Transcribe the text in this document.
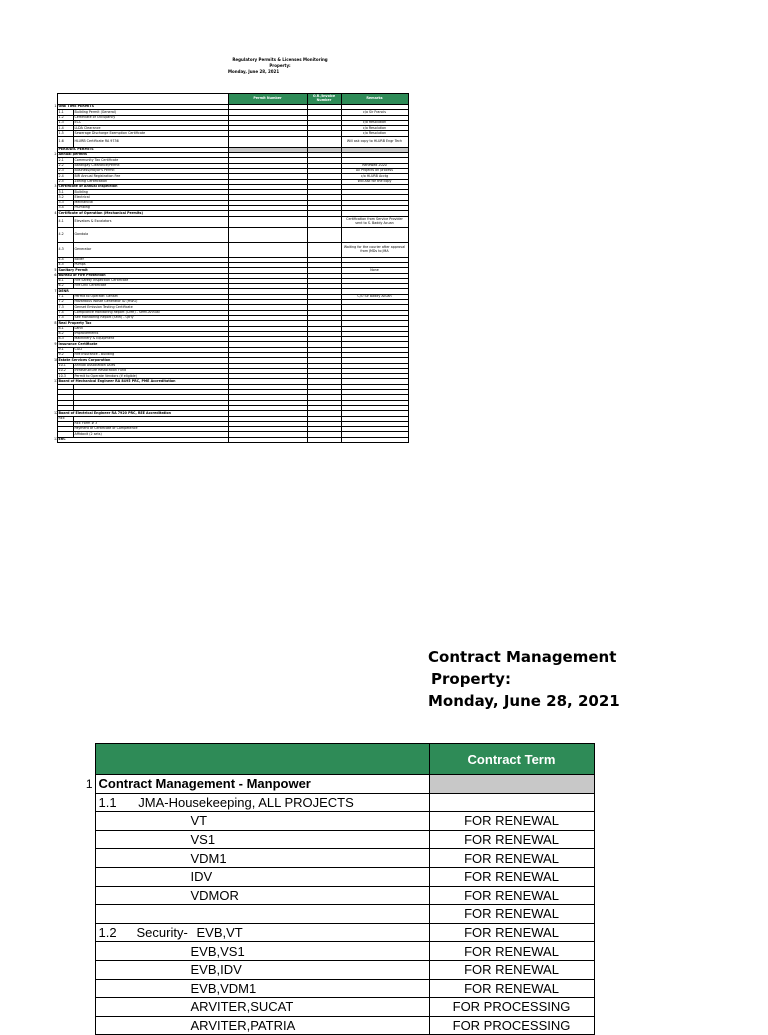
Regulatory Permits & Licenses Monitoring
Property:
Monday, June 28, 2021
			Permit Number	O.R./Invoice Number	Remarks
1	ONE TIME PERMITS				
	1.1	Building Permit (General)			c/o Sir Francis
	1.2	Certificate of Occupancy			
	1.3	ECC			c/o Resolution
	1.4	LLDA Clearance			c/o Resolution
	1.5	Sewerage Discharge Exemption Certificate			c/o Resolution
	1.6	HLURB Certificate RA 9736			Will ask copy to HLURB Engr Tech
	PERIODIC PERMITS				
2	Annual permits				
	2.1	Community Tax Certificate			
	2.2	Barangay Clearance/Permit			Renewed 2020
	2.3	Business/Mayor's Permit			All Projects on process
	2.4	BIR Annual Registration Fee			c/o HLURB Acctg
	2.5	Zoning Certification			Will Ask for the copy
3	Certificate of Annual Inspection				
	3.1	Building			
	3.2	Electrical			
	3.3	Mechanical			
	3.4	Plumbing			
4	Certificate of Operation (Mechanical Permits)				
	4.1	Elevators & Escalators			Certification from Service Provider sent to S. Baddy Acuan
	4.2	Gondola			
	4.3	Generator			Waiting for the courier after approval from JMDs to JMA
	4.4	Boiler			
	4.5	Pumps			
5	Sanitary Permit				None
6	Bureau of Fire Protection				
	6.1	Fire Safety Inspection Certificate			
	6.2	Fire Drill Certificate			
7	DENR				
	7.1	Permit to Operate: Genset			C/O Sir Baddy Acuan
	7.2	Hazardous Waste Generator ID (HWG)			
	7.3	Genset Emission Testing Certificate			
	7.4	Compliance Monitoring Report (CMR) - Semi-Annual			
	7.5	Self Monitoring Report (SMR) - Qtrly			
8	Real Property Tax				
	8.1	Land			
	8.2	Improvements			
	8.3	Machinery & Equipment			
9	Insurance Certificate				
	9.1	CGLI			
	9.2	Fire Insurance - Building			
10	Estate Services Corporation				
	10.1	Annual Association Dues			
	10.2	Infrastructure Restoration Fund			
	10.3	Permit to Operate Vendors (if eligible)			
11	Board of Mechanical Engineer RA 8495 PRC, PME Accreditation				

12	Board of Electrical Engineer RA 7920 PRC, REE Accreditation				
	REE				
		REE Form # 3			
		Payment of Certificate of Competence			
		Affidavit (2 sets)			
13	ERC				
Contract Management
Property:
Monday, June 28, 2021
		Contract Term
1	Contract Management - Manpower	
	1.1      JMA-Housekeeping, ALL PROJECTS	
	VT	FOR RENEWAL
	VS1	FOR RENEWAL
	VDM1	FOR RENEWAL
	IDV	FOR RENEWAL
	VDMOR	FOR RENEWAL
		FOR RENEWAL
	1.2 Security- EVB,VT	FOR RENEWAL
	EVB,VS1	FOR RENEWAL
	EVB,IDV	FOR RENEWAL
	EVB,VDM1	FOR RENEWAL
	ARVITER,SUCAT	FOR PROCESSING
	ARVITER,PATRIA	FOR PROCESSING
